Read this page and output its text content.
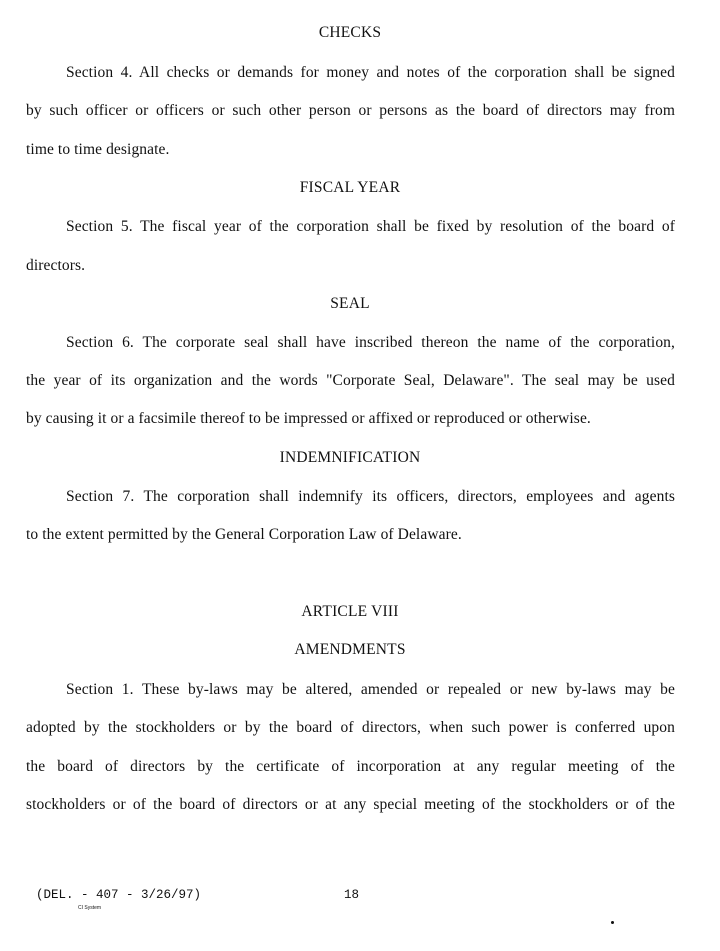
CHECKS
Section 4. All checks or demands for money and notes of the corporation shall be signed
by such officer or officers or such other person or persons as the board of directors may from
time to time designate.
FISCAL YEAR
Section 5. The fiscal year of the corporation shall be fixed by resolution of the board of
directors.
SEAL
Section 6. The corporate seal shall have inscribed thereon the name of the corporation,
the year of its organization and the words "Corporate Seal, Delaware". The seal may be used
by causing it or a facsimile thereof to be impressed or affixed or reproduced or otherwise.
INDEMNIFICATION
Section 7. The corporation shall indemnify its officers, directors, employees and agents
to the extent permitted by the General Corporation Law of Delaware.
ARTICLE VIII
AMENDMENTS
Section 1. These by-laws may be altered, amended or repealed or new by-laws may be
adopted by the stockholders or by the board of directors, when such power is conferred upon
the board of directors by the certificate of incorporation at any regular meeting of the
stockholders or of the board of directors or at any special meeting of the stockholders or of the
(DEL. - 407 - 3/26/97)
CI System
18
